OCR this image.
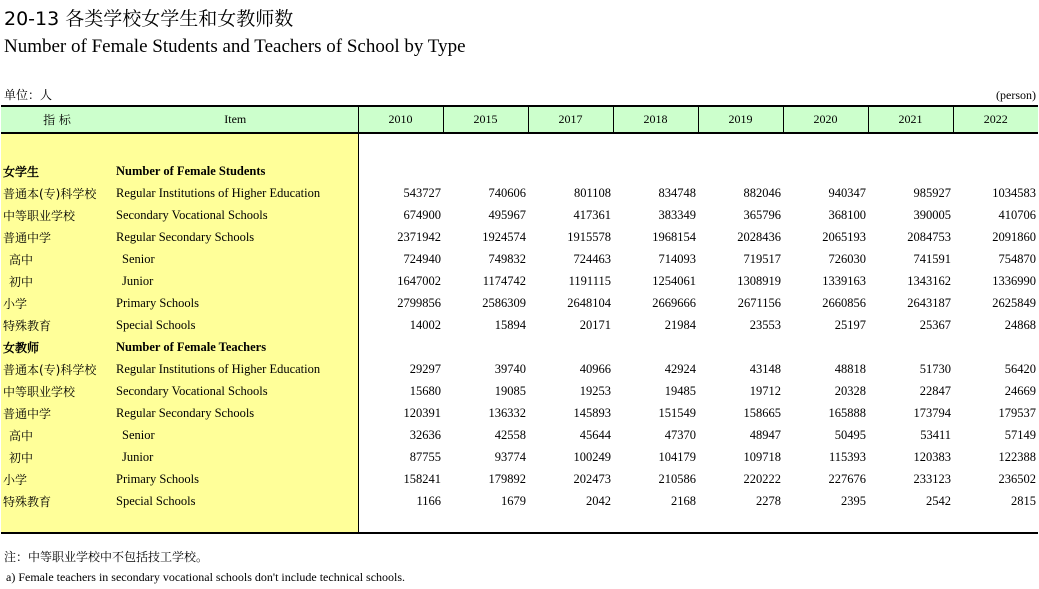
20-13 各类学校女学生和女教师数
Number of Female Students and Teachers of School by Type
单位：人	(person)
指 标	Item	2010	2015	2017	2018	2019	2020	2021	2022

女学生	Number of Female Students								
普通本(专)科学校	Regular Institutions of Higher Education	543727	740606	801108	834748	882046	940347	985927	1034583
中等职业学校	Secondary Vocational Schools	674900	495967	417361	383349	365796	368100	390005	410706
普通中学	Regular Secondary Schools	2371942	1924574	1915578	1968154	2028436	2065193	2084753	2091860
高中	Senior	724940	749832	724463	714093	719517	726030	741591	754870
初中	Junior	1647002	1174742	1191115	1254061	1308919	1339163	1343162	1336990
小学	Primary Schools	2799856	2586309	2648104	2669666	2671156	2660856	2643187	2625849
特殊教育	Special Schools	14002	15894	20171	21984	23553	25197	25367	24868
女教师	Number of Female Teachers								
普通本(专)科学校	Regular Institutions of Higher Education	29297	39740	40966	42924	43148	48818	51730	56420
中等职业学校	Secondary Vocational Schools	15680	19085	19253	19485	19712	20328	22847	24669
普通中学	Regular Secondary Schools	120391	136332	145893	151549	158665	165888	173794	179537
高中	Senior	32636	42558	45644	47370	48947	50495	53411	57149
初中	Junior	87755	93774	100249	104179	109718	115393	120383	122388
小学	Primary Schools	158241	179892	202473	210586	220222	227676	233123	236502
特殊教育	Special Schools	1166	1679	2042	2168	2278	2395	2542	2815

注：中等职业学校中不包括技工学校。
a) Female teachers in secondary vocational schools don't include technical schools.
